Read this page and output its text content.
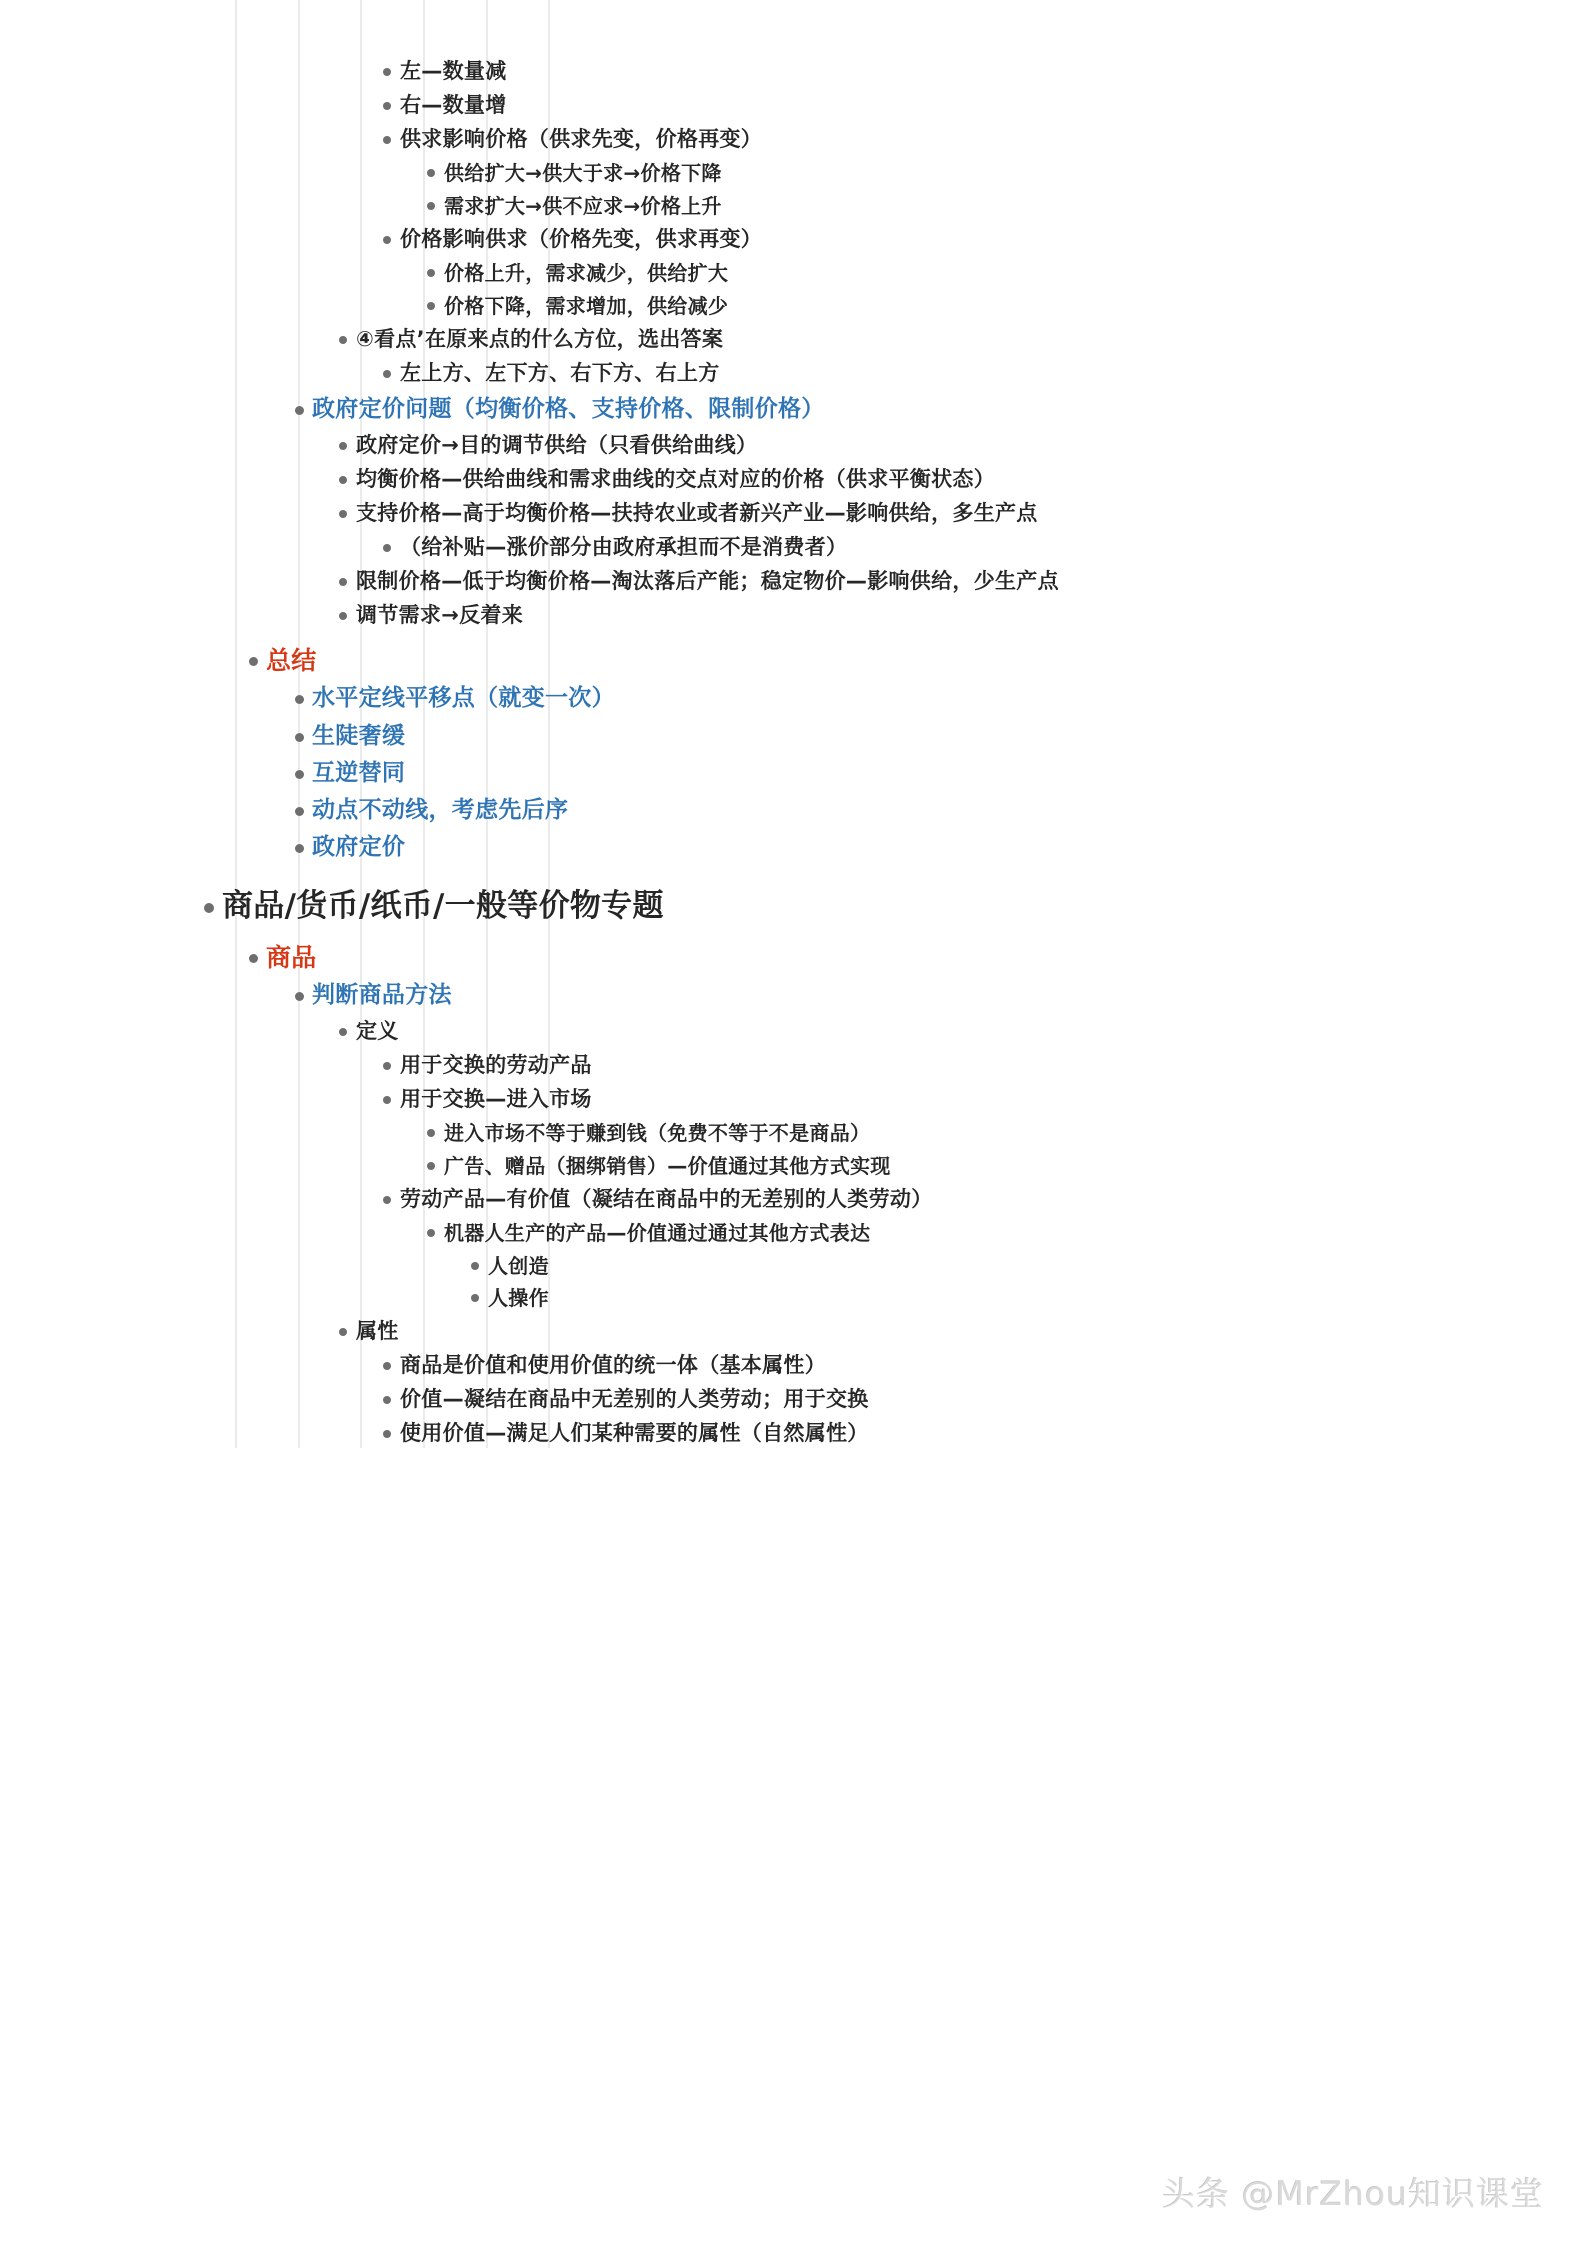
左—数量减
右—数量增
供求影响价格（供求先变，价格再变）
供给扩大→供大于求→价格下降
需求扩大→供不应求→价格上升
价格影响供求（价格先变，供求再变）
价格上升，需求减少，供给扩大
价格下降，需求增加，供给减少
④看点’在原来点的什么方位，选出答案
左上方、左下方、右下方、右上方
政府定价问题（均衡价格、支持价格、限制价格）
政府定价→目的调节供给（只看供给曲线）
均衡价格—供给曲线和需求曲线的交点对应的价格（供求平衡状态）
支持价格—高于均衡价格—扶持农业或者新兴产业—影响供给，多生产点
（给补贴—涨价部分由政府承担而不是消费者）
限制价格—低于均衡价格—淘汰落后产能；稳定物价—影响供给，少生产点
调节需求→反着来
总结
水平定线平移点（就变一次）
生陡奢缓
互逆替同
动点不动线，考虑先后序
政府定价
商品/货币/纸币/一般等价物专题
商品
判断商品方法
定义
用于交换的劳动产品
用于交换—进入市场
进入市场不等于赚到钱（免费不等于不是商品）
广告、赠品（捆绑销售）—价值通过其他方式实现
劳动产品—有价值（凝结在商品中的无差别的人类劳动）
机器人生产的产品—价值通过通过其他方式表达
人创造
人操作
属性
商品是价值和使用价值的统一体（基本属性）
价值—凝结在商品中无差别的人类劳动；用于交换
使用价值—满足人们某种需要的属性（自然属性）
头条 @MrZhou知识课堂
